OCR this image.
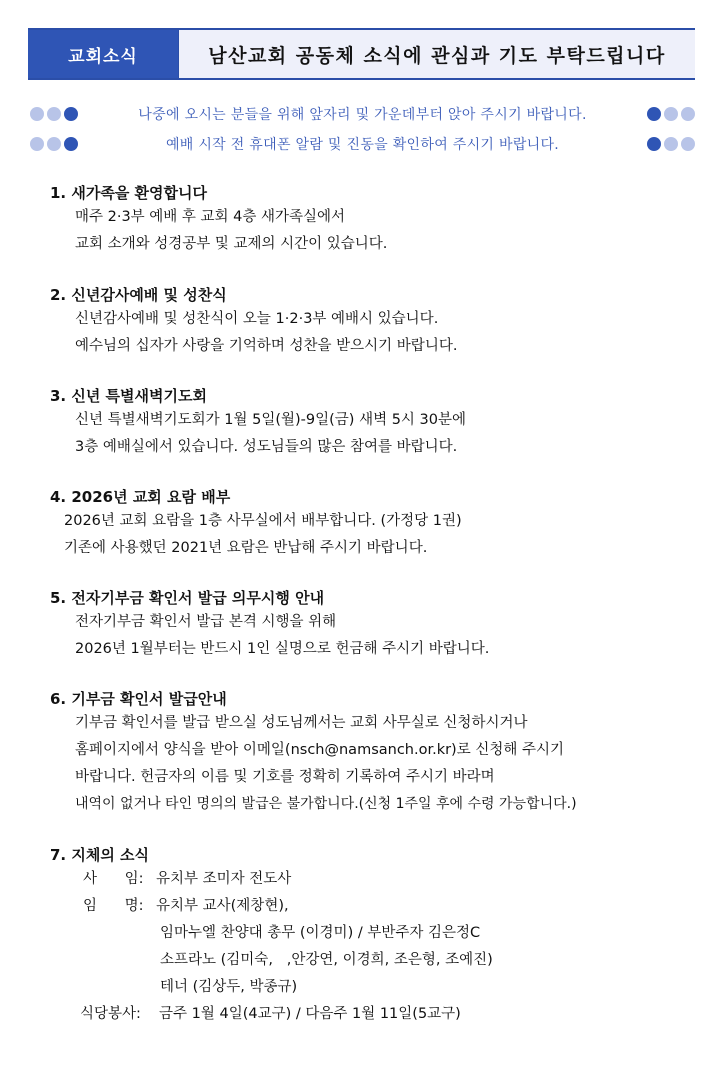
교회소식	남산교회 공동체 소식에 관심과 기도 부탁드립니다
나중에 오시는 분들을 위해 앞자리 및 가운데부터 앉아 주시기 바랍니다.
예배 시작 전 휴대폰 알람 및 진동을 확인하여 주시기 바랍니다.
1. 새가족을 환영합니다
매주 2·3부 예배 후 교회 4층 새가족실에서
교회 소개와 성경공부 및 교제의 시간이 있습니다.
2. 신년감사예배 및 성찬식
신년감사예배 및 성찬식이 오늘 1·2·3부 예배시 있습니다.
예수님의 십자가 사랑을 기억하며 성찬을 받으시기 바랍니다.
3. 신년 특별새벽기도회
신년 특별새벽기도회가 1월 5일(월)-9일(금) 새벽 5시 30분에
3층 예배실에서 있습니다. 성도님들의 많은 참여를 바랍니다.
4. 2026년 교회 요람 배부
2026년 교회 요람을 1층 사무실에서 배부합니다. (가정당 1권)
기존에 사용했던 2021년 요람은 반납해 주시기 바랍니다.
5. 전자기부금 확인서 발급 의무시행 안내
전자기부금 확인서 발급 본격 시행을 위해
2026년 1월부터는 반드시 1인 실명으로 헌금해 주시기 바랍니다.
6. 기부금 확인서 발급안내
기부금 확인서를 발급 받으실 성도님께서는 교회 사무실로 신청하시거나
홈페이지에서 양식을 받아 이메일(nsch@namsanch.or.kr)로 신청해 주시기
바랍니다. 헌금자의 이름 및 기호를 정확히 기록하여 주시기 바라며
내역이 없거나 타인 명의의 발급은 불가합니다.(신청 1주일 후에 수령 가능합니다.)
7. 지체의 소식
사      임: 유치부 조미자 전도사
임      명: 유치부 교사(제창현),
임마누엘 찬양대 총무 (이경미) / 부반주자 김은정C
소프라노 (김미숙,   ,안강연, 이경희, 조은형, 조예진)
테너 (김상두, 박종규)
식당봉사:	금주 1월 4일(4교구) / 다음주 1월 11일(5교구)
